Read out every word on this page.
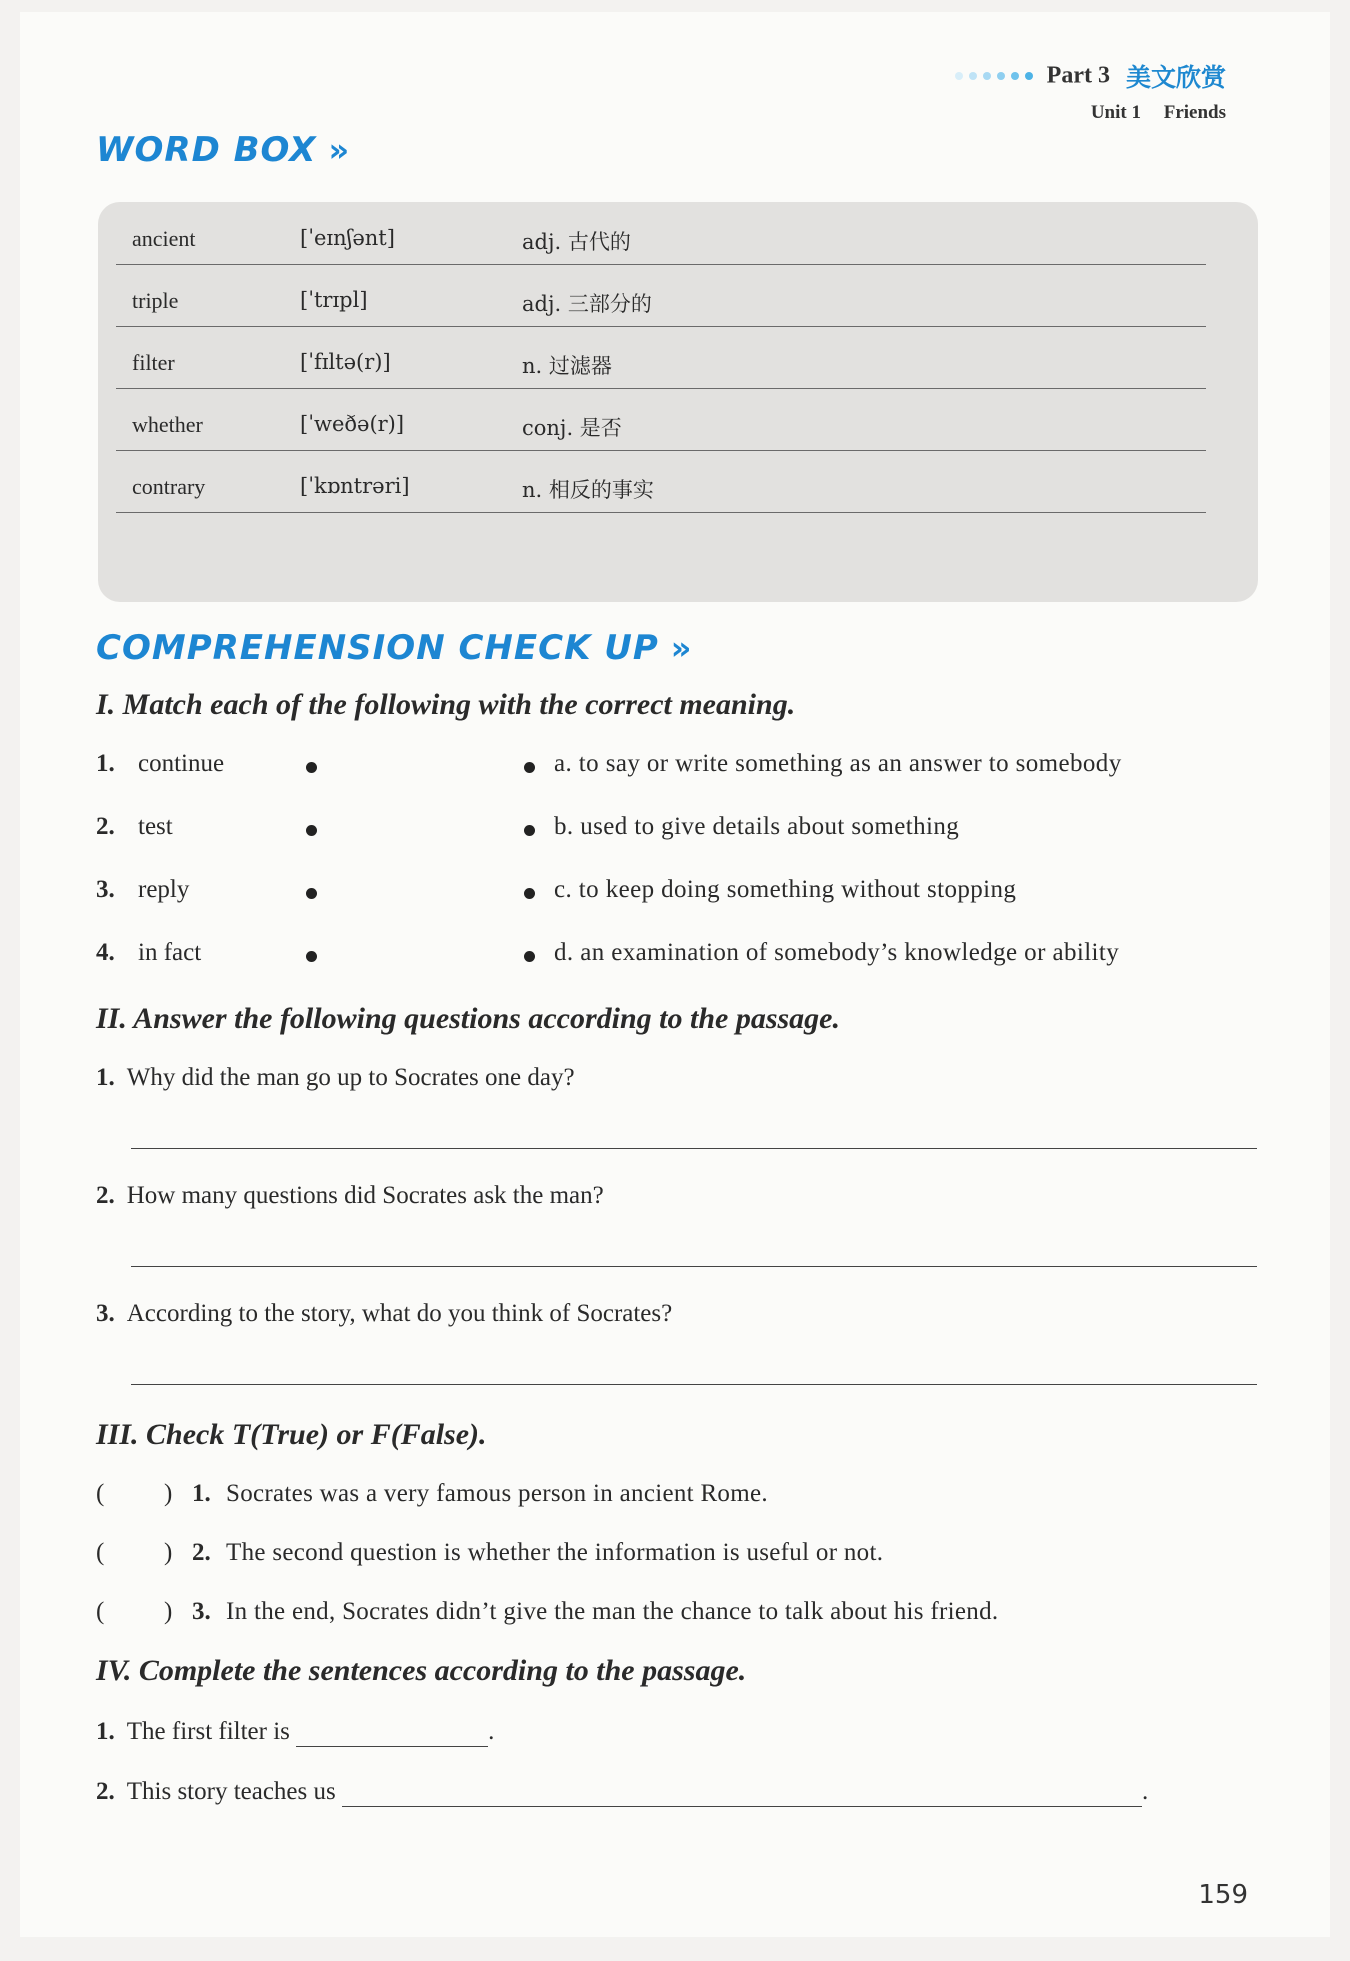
Part 3 美文欣赏
Unit 1 Friends
WORD BOX »
ancient	[ˈeɪnʃənt]	adj. 古代的
triple	[ˈtrɪpl]	adj. 三部分的
filter	[ˈfɪltə(r)]	n. 过滤器
whether	[ˈweðə(r)]	conj. 是否
contrary	[ˈkɒntrəri]	n. 相反的事实
COMPREHENSION CHECK UP »
I. Match each of the following with the correct meaning.
1. continue	a. to say or write something as an answer to somebody
2. test	b. used to give details about something
3. reply	c. to keep doing something without stopping
4. in fact	d. an examination of somebody’s knowledge or ability
II. Answer the following questions according to the passage.
1. Why did the man go up to Socrates one day?
2. How many questions did Socrates ask the man?
3. According to the story, what do you think of Socrates?
III. Check T(True) or F(False).
( ) 1. Socrates was a very famous person in ancient Rome.
( ) 2. The second question is whether the information is useful or not.
( ) 3. In the end, Socrates didn’t give the man the chance to talk about his friend.
IV. Complete the sentences according to the passage.
1. The first filter is	.
2. This story teaches us	.
159
